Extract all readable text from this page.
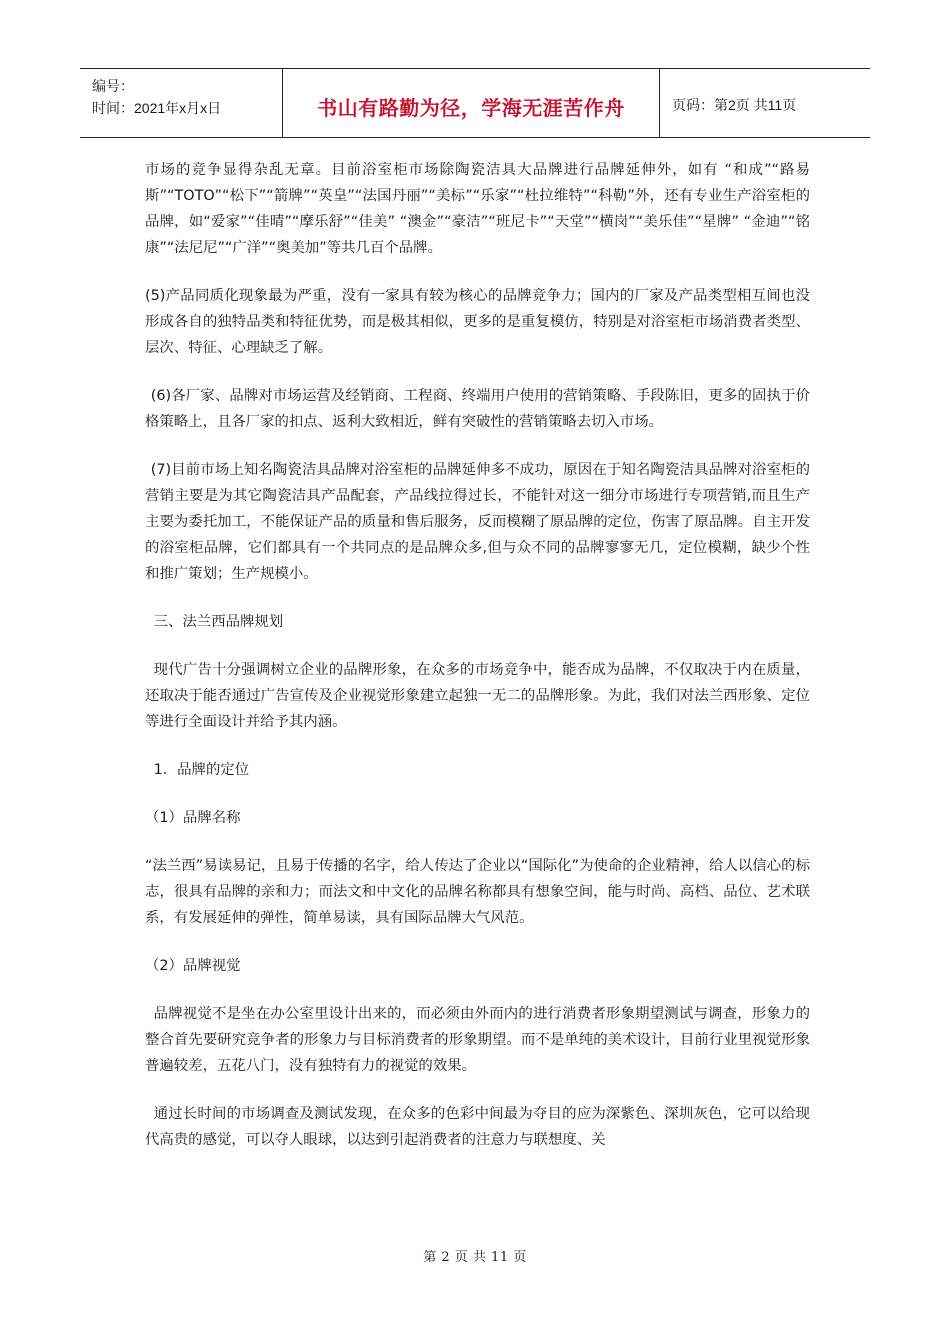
编号：
时间：2021年x月x日	书山有路勤为径，学海无涯苦作舟	页码：第2页 共11页

市场的竞争显得杂乱无章。目前浴室柜市场除陶瓷洁具大品牌进行品牌延伸外，如有 “和成”“路易斯”“TOTO”“松下”“箭牌”“英皇”“法国丹丽”“美标”“乐家”“杜拉维特”“科勒”外，还有专业生产浴室柜的品牌，如“爱家”“佳晴”“摩乐舒”“佳美” “澳金”“豪洁”“班尼卡”“天堂”“横岗”“美乐佳”“星牌” “金迪”“铭康”“法尼尼”“广洋”“奥美加”等共几百个品牌。

(5)产品同质化现象最为严重，没有一家具有较为核心的品牌竞争力；国内的厂家及产品类型相互间也没形成各自的独特品类和特征优势，而是极其相似，更多的是重复模仿，特别是对浴室柜市场消费者类型、层次、特征、心理缺乏了解。

(6)各厂家、品牌对市场运营及经销商、工程商、终端用户使用的营销策略、手段陈旧，更多的固执于价格策略上，且各厂家的扣点、返利大致相近，鲜有突破性的营销策略去切入市场。

(7)目前市场上知名陶瓷洁具品牌对浴室柜的品牌延伸多不成功，原因在于知名陶瓷洁具品牌对浴室柜的营销主要是为其它陶瓷洁具产品配套，产品线拉得过长，不能针对这一细分市场进行专项营销,而且生产主要为委托加工，不能保证产品的质量和售后服务，反而模糊了原品牌的定位，伤害了原品牌。自主开发的浴室柜品牌，它们都具有一个共同点的是品牌众多,但与众不同的品牌寥寥无几，定位模糊，缺少个性和推广策划；生产规模小。

三、法兰西品牌规划

现代广告十分强调树立企业的品牌形象，在众多的市场竞争中，能否成为品牌，不仅取决于内在质量，还取决于能否通过广告宣传及企业视觉形象建立起独一无二的品牌形象。为此，我们对法兰西形象、定位等进行全面设计并给予其内涵。

1．品牌的定位

（1）品牌名称

“法兰西”易读易记，且易于传播的名字，给人传达了企业以“国际化”为使命的企业精神，给人以信心的标志，很具有品牌的亲和力；而法文和中文化的品牌名称都具有想象空间，能与时尚、高档、品位、艺术联系，有发展延伸的弹性，简单易读，具有国际品牌大气风范。

（2）品牌视觉

品牌视觉不是坐在办公室里设计出来的，而必须由外而内的进行消费者形象期望测试与调查，形象力的整合首先要研究竞争者的形象力与目标消费者的形象期望。而不是单纯的美术设计，目前行业里视觉形象普遍较差，五花八门，没有独特有力的视觉的效果。

通过长时间的市场调查及测试发现，在众多的色彩中间最为夺目的应为深紫色、深圳灰色，它可以给现代高贵的感觉，可以夺人眼球，以达到引起消费者的注意力与联想度、关

第 2 页 共 11 页
